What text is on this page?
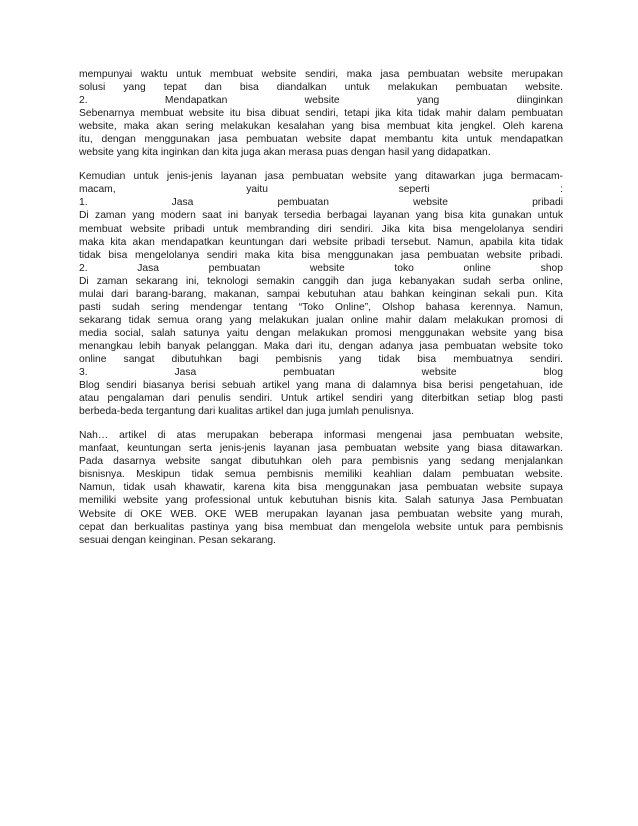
mempunyai waktu untuk membuat website sendiri, maka jasa pembuatan website merupakan
solusi yang tepat dan bisa diandalkan untuk melakukan pembuatan website.
2. Mendapatkan website yang diinginkan
Sebenarnya membuat website itu bisa dibuat sendiri, tetapi jika kita tidak mahir dalam pembuatan
website, maka akan sering melakukan kesalahan yang bisa membuat kita jengkel. Oleh karena
itu, dengan menggunakan jasa pembuatan website dapat membantu kita untuk mendapatkan
website yang kita inginkan dan kita juga akan merasa puas dengan hasil yang didapatkan.
Kemudian untuk jenis-jenis layanan jasa pembuatan website yang ditawarkan juga bermacam-
macam, yaitu seperti :
1. Jasa pembuatan website pribadi
Di zaman yang modern saat ini banyak tersedia berbagai layanan yang bisa kita gunakan untuk
membuat website pribadi untuk membranding diri sendiri. Jika kita bisa mengelolanya sendiri
maka kita akan mendapatkan keuntungan dari website pribadi tersebut. Namun, apabila kita tidak
tidak bisa mengelolanya sendiri maka kita bisa menggunakan jasa pembuatan website pribadi.
2. Jasa pembuatan website toko online shop
Di zaman sekarang ini, teknologi semakin canggih dan juga kebanyakan sudah serba online,
mulai dari barang-barang, makanan, sampai kebutuhan atau bahkan keinginan sekali pun. Kita
pasti sudah sering mendengar tentang “Toko Online”, Olshop bahasa kerennya. Namun,
sekarang tidak semua orang yang melakukan jualan online mahir dalam melakukan promosi di
media social, salah satunya yaitu dengan melakukan promosi menggunakan website yang bisa
menangkau lebih banyak pelanggan. Maka dari itu, dengan adanya jasa pembuatan website toko
online sangat dibutuhkan bagi pembisnis yang tidak bisa membuatnya sendiri.
3. Jasa pembuatan website blog
Blog sendiri biasanya berisi sebuah artikel yang mana di dalamnya bisa berisi pengetahuan, ide
atau pengalaman dari penulis sendiri. Untuk artikel sendiri yang diterbitkan setiap blog pasti
berbeda-beda tergantung dari kualitas artikel dan juga jumlah penulisnya.
Nah… artikel di atas merupakan beberapa informasi mengenai jasa pembuatan website,
manfaat, keuntungan serta jenis-jenis layanan jasa pembuatan website yang biasa ditawarkan.
Pada dasarnya website sangat dibutuhkan oleh para pembisnis yang sedang menjalankan
bisnisnya. Meskipun tidak semua pembisnis memiliki keahlian dalam pembuatan website.
Namun, tidak usah khawatir, karena kita bisa menggunakan jasa pembuatan website supaya
memiliki website yang professional untuk kebutuhan bisnis kita. Salah satunya Jasa Pembuatan
Website di OKE WEB. OKE WEB merupakan layanan jasa pembuatan website yang murah,
cepat dan berkualitas pastinya yang bisa membuat dan mengelola website untuk para pembisnis
sesuai dengan keinginan. Pesan sekarang.
